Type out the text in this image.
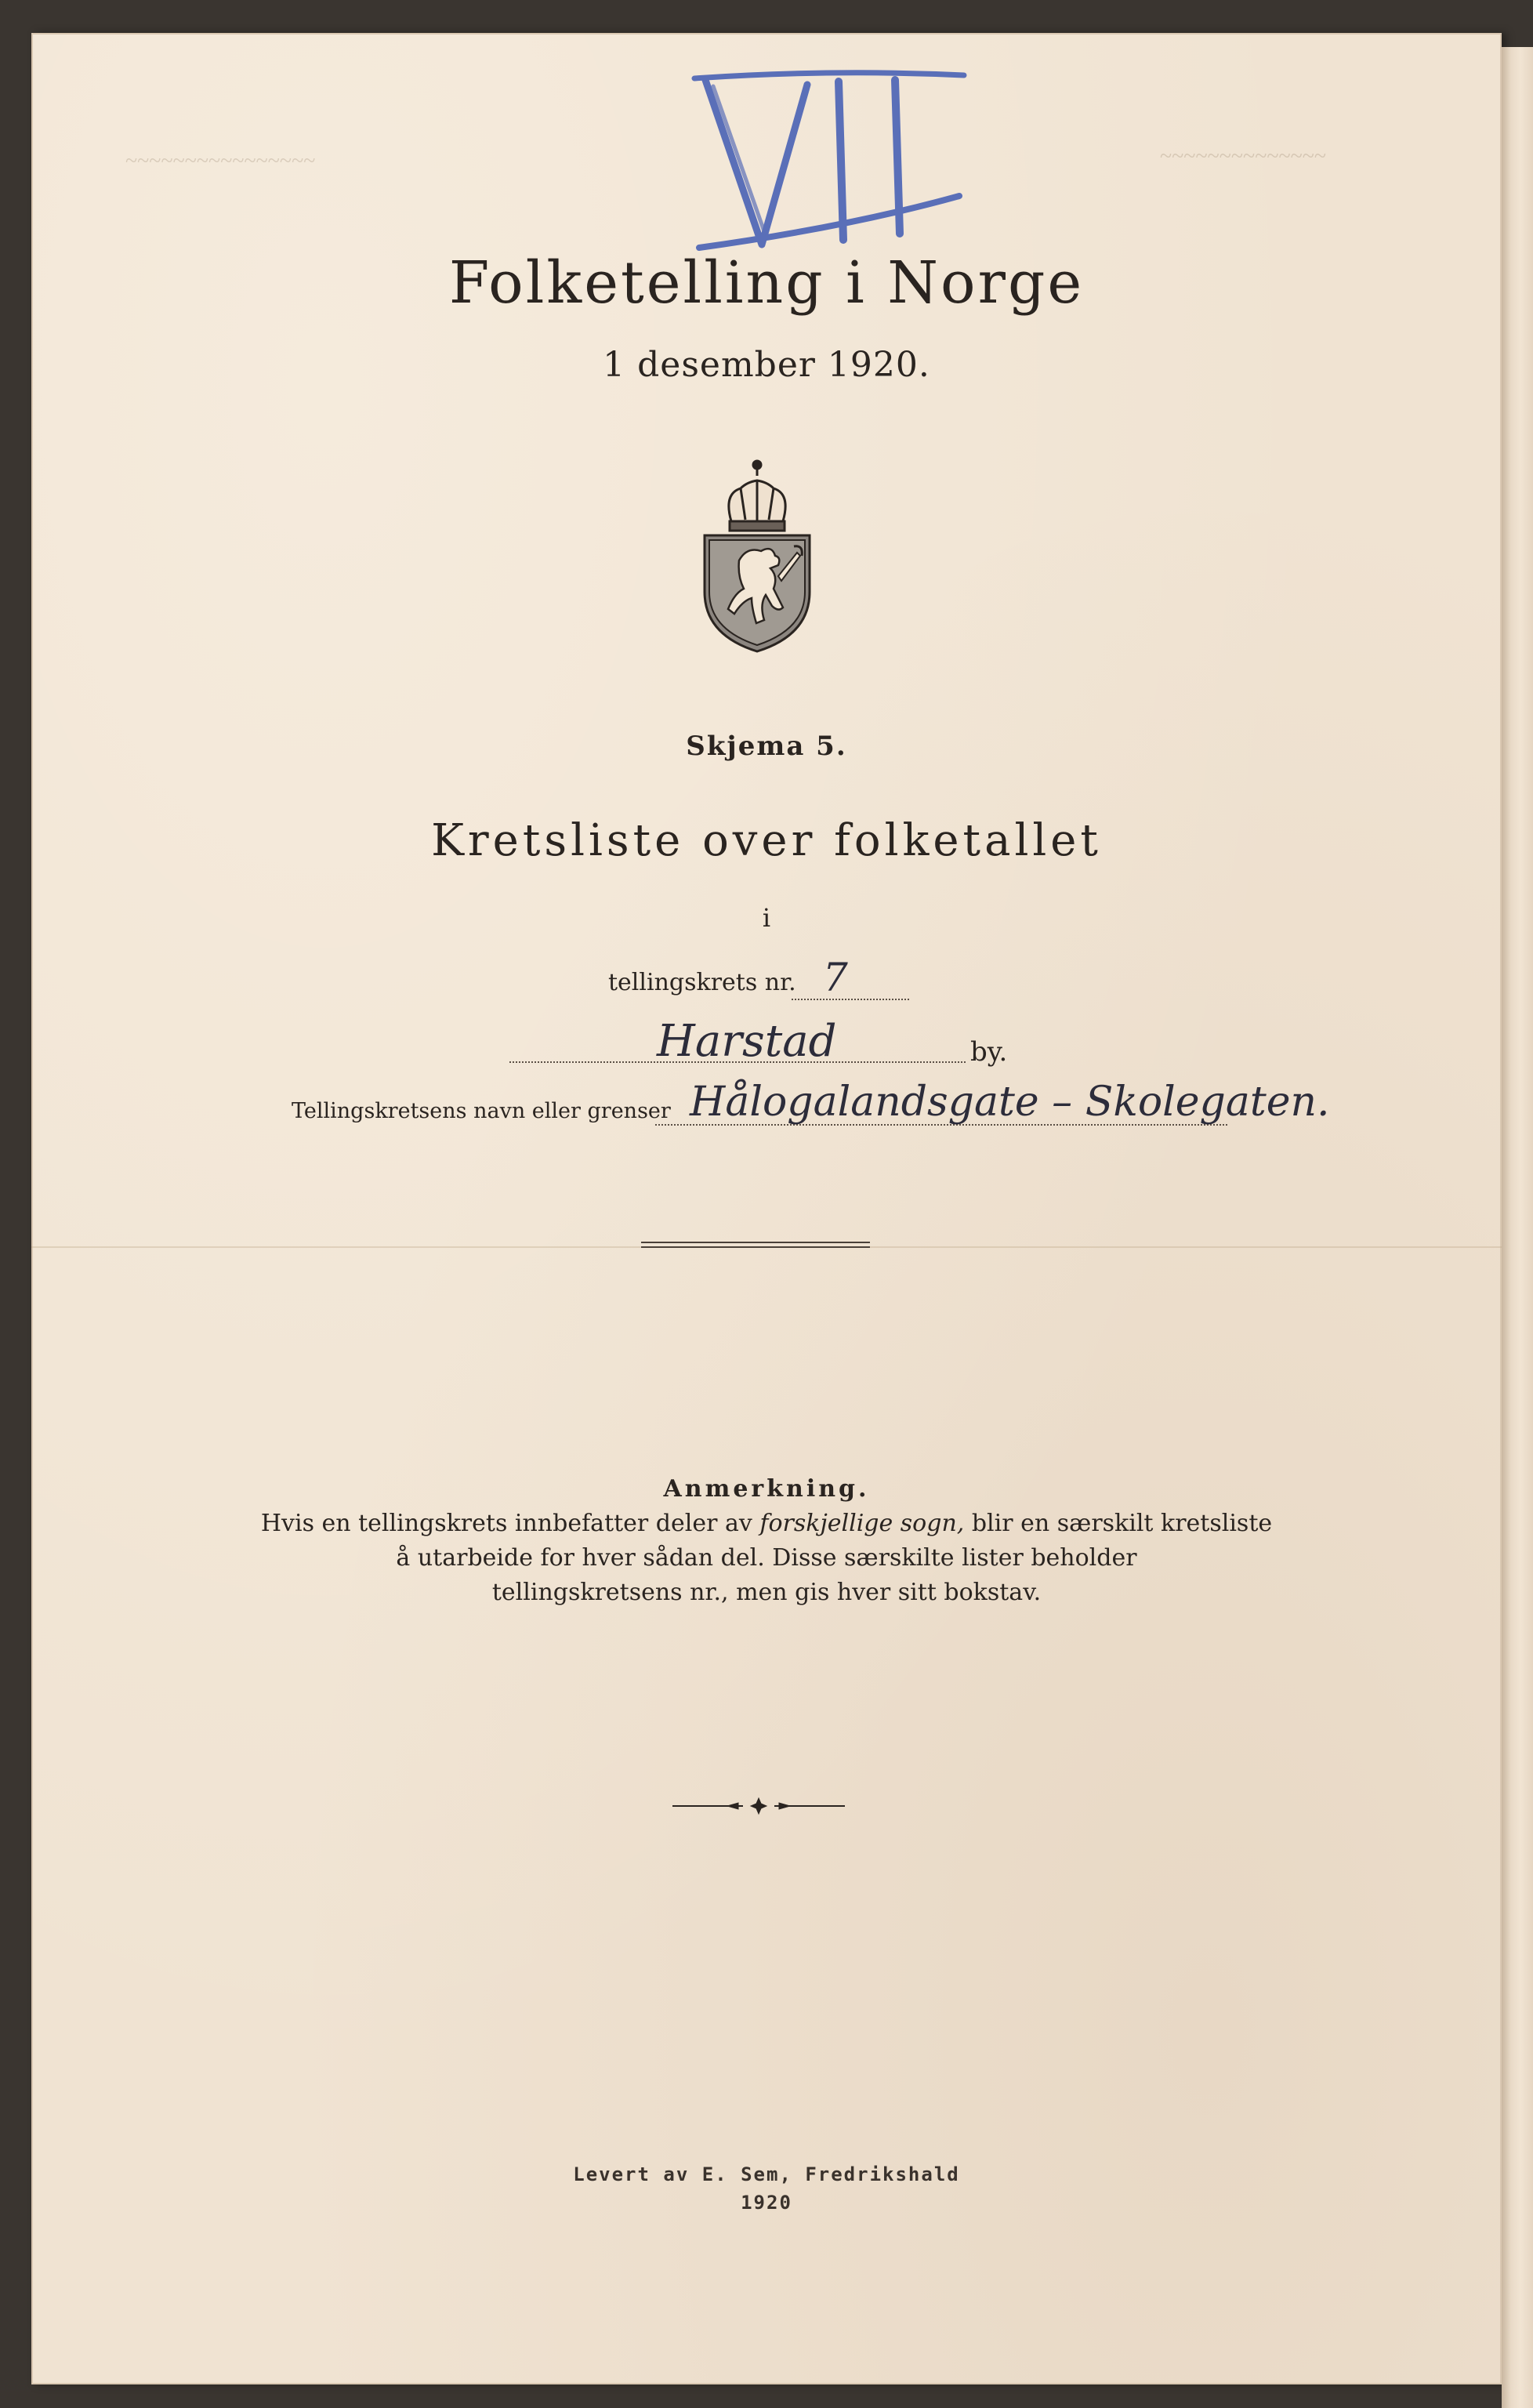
~~~~~~~~~~~~~~~~	~~~~~~~~~~~~~~
Folketelling i Norge
1 desember 1920.
Skjema 5.
Kretsliste over folketallet
i
tellingskrets nr. 7
Harstad	by.
Tellingskretsens navn eller grenser Hålogalandsgate – Skolegaten.
Anmerkning.
Hvis en tellingskrets innbefatter deler av forskjellige sogn, blir en særskilt kretsliste
å utarbeide for hver sådan del. Disse særskilte lister beholder
tellingskretsens nr., men gis hver sitt bokstav.
Levert av E. Sem, Fredrikshald
1920
